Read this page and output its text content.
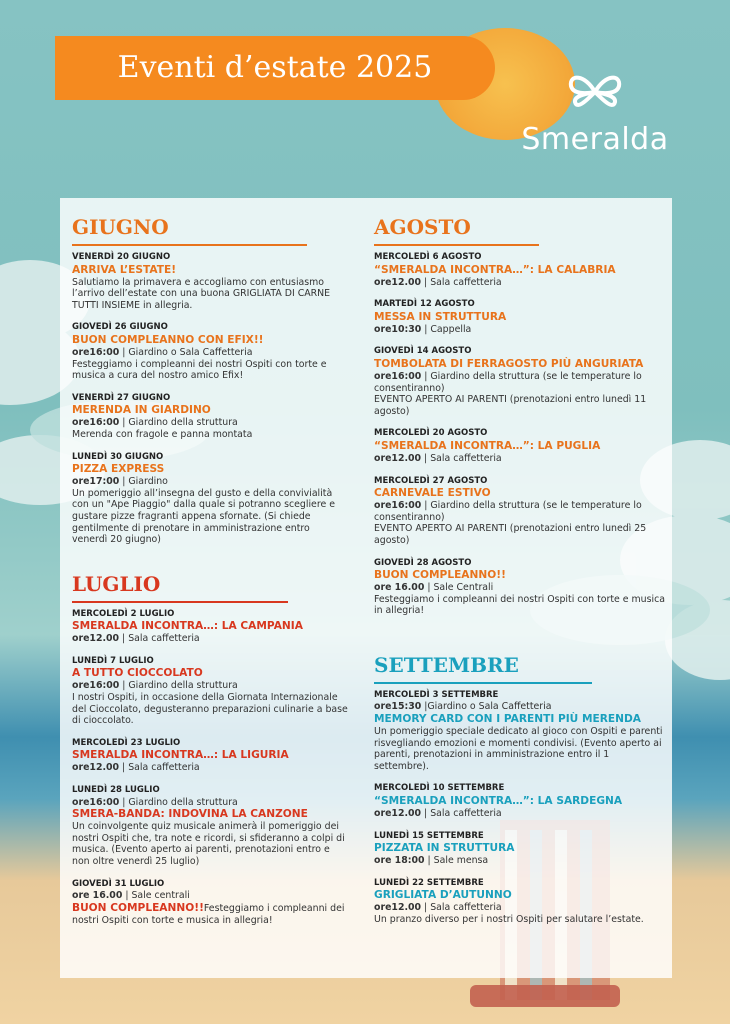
Eventi d’estate 2025
Smeralda
GIUGNO
VENERDÌ 20 GIUGNO
ARRIVA L’ESTATE!
Salutiamo la primavera e accogliamo con entusiasmo l’arrivo dell’estate con una buona GRIGLIATA DI CARNE TUTTI INSIEME in allegria.
GIOVEDÌ 26 GIUGNO
BUON COMPLEANNO CON EFIX!!
ore16:00 | Giardino o Sala Caffetteria
Festeggiamo i compleanni dei nostri Ospiti con torte e musica a cura del nostro amico Efix!
VENERDÌ 27 GIUGNO
MERENDA IN GIARDINO
ore16:00 | Giardino della struttura
Merenda con fragole e panna montata
LUNEDÌ 30 GIUGNO
PIZZA EXPRESS
ore17:00 | Giardino
Un pomeriggio all’insegna del gusto e della convivialità con un "Ape Piaggio" dalla quale si potranno scegliere e gustare pizze fragranti appena sfornate. (Si chiede gentilmente di prenotare in amministrazione entro venerdì 20 giugno)
LUGLIO
MERCOLEDÌ 2 LUGLIO
SMERALDA INCONTRA…: LA CAMPANIA
ore12.00 | Sala caffetteria
LUNEDÌ 7 LUGLIO
A TUTTO CIOCCOLATO
ore16:00 | Giardino della struttura
I nostri Ospiti, in occasione della Giornata Internazionale del Cioccolato, degusteranno preparazioni culinarie a base di cioccolato.
MERCOLEDÌ 23 LUGLIO
SMERALDA INCONTRA…: LA LIGURIA
ore12.00 | Sala caffetteria
LUNEDÌ 28 LUGLIO
ore16:00 | Giardino della struttura
SMERA-BANDA: INDOVINA LA CANZONE
Un coinvolgente quiz musicale animerà il pomeriggio dei nostri Ospiti che, tra note e ricordi, si sfideranno a colpi di musica. (Evento aperto ai parenti, prenotazioni entro e non oltre venerdì 25 luglio)
GIOVEDÌ 31 LUGLIO
ore 16.00 | Sale centrali
BUON COMPLEANNO!!Festeggiamo i compleanni dei nostri Ospiti con torte e musica in allegria!
AGOSTO
MERCOLEDÌ 6 AGOSTO
“SMERALDA INCONTRA…”: LA CALABRIA
ore12.00 | Sala caffetteria
MARTEDÌ 12 AGOSTO
MESSA IN STRUTTURA
ore10:30 | Cappella
GIOVEDÌ 14 AGOSTO
TOMBOLATA DI FERRAGOSTO PIÙ ANGURIATA
ore16:00 | Giardino della struttura (se le temperature lo consentiranno)
EVENTO APERTO AI PARENTI (prenotazioni entro lunedì 11 agosto)
MERCOLEDÌ 20 AGOSTO
“SMERALDA INCONTRA…”: LA PUGLIA
ore12.00 | Sala caffetteria
MERCOLEDÌ 27 AGOSTO
CARNEVALE ESTIVO
ore16:00 | Giardino della struttura (se le temperature lo consentiranno)
EVENTO APERTO AI PARENTI (prenotazioni entro lunedì 25 agosto)
GIOVEDÌ 28 AGOSTO
BUON COMPLEANNO!!
ore 16.00 | Sale Centrali
Festeggiamo i compleanni dei nostri Ospiti con torte e musica in allegria!
SETTEMBRE
MERCOLEDÌ 3 SETTEMBRE
ore15:30 |Giardino o Sala Caffetteria
MEMORY CARD CON I PARENTI PIÙ MERENDA
Un pomeriggio speciale dedicato al gioco con Ospiti e parenti risvegliando emozioni e momenti condivisi. (Evento aperto ai parenti, prenotazioni in amministrazione entro il 1 settembre).
MERCOLEDÌ 10 SETTEMBRE
“SMERALDA INCONTRA…”: LA SARDEGNA
ore12.00 | Sala caffetteria
LUNEDÌ 15 SETTEMBRE
PIZZATA IN STRUTTURA
ore 18:00 | Sale mensa
LUNEDÌ 22 SETTEMBRE
GRIGLIATA D’AUTUNNO
ore12.00 | Sala caffetteria
Un pranzo diverso per i nostri Ospiti per salutare l’estate.
